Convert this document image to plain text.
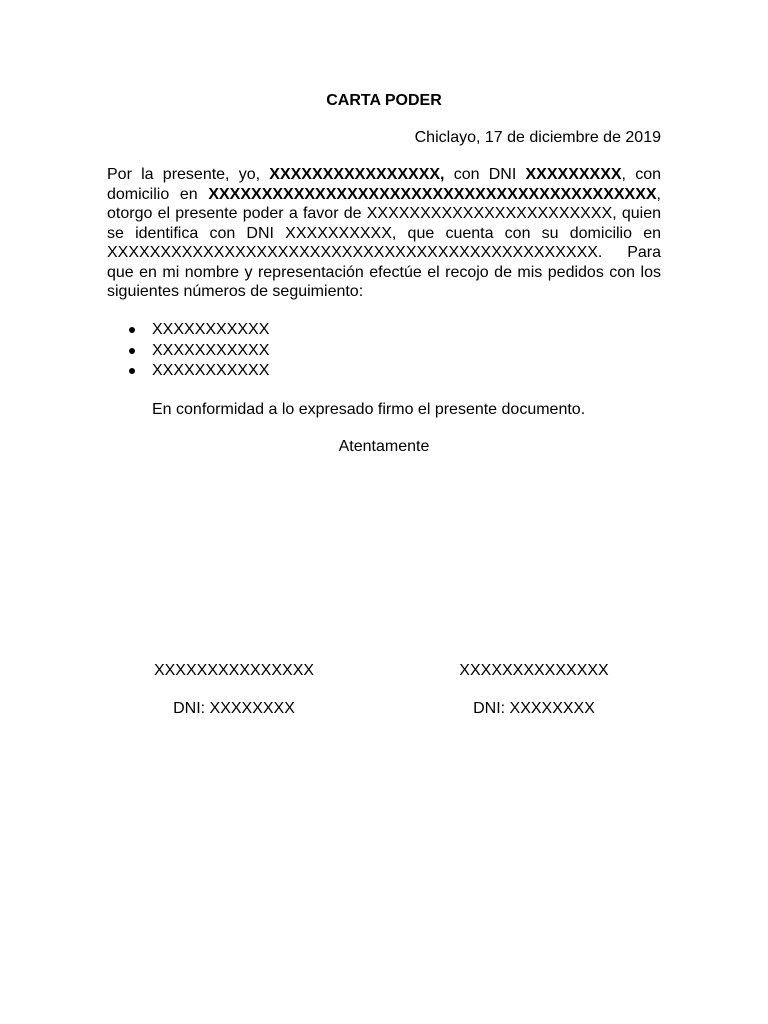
CARTA PODER
Chiclayo, 17 de diciembre de 2019
Por la presente, yo, XXXXXXXXXXXXXXXX, con DNI XXXXXXXXX, con domicilio en XXXXXXXXXXXXXXXXXXXXXXXXXXXXXXXXXXXXXXXXXX, otorgo el presente poder a favor de XXXXXXXXXXXXXXXXXXXXXXX, quien se identifica con DNI XXXXXXXXXX, que cuenta con su domicilio en XXXXXXXXXXXXXXXXXXXXXXXXXXXXXXXXXXXXXXXXXXXXXX. Para que en mi nombre y representación efectúe el recojo de mis pedidos con los siguientes números de seguimiento:
XXXXXXXXXXX
XXXXXXXXXXX
XXXXXXXXXXX
En conformidad a lo expresado firmo el presente documento.
Atentamente
XXXXXXXXXXXXXXX
DNI: XXXXXXXX
XXXXXXXXXXXXXX
DNI: XXXXXXXX
